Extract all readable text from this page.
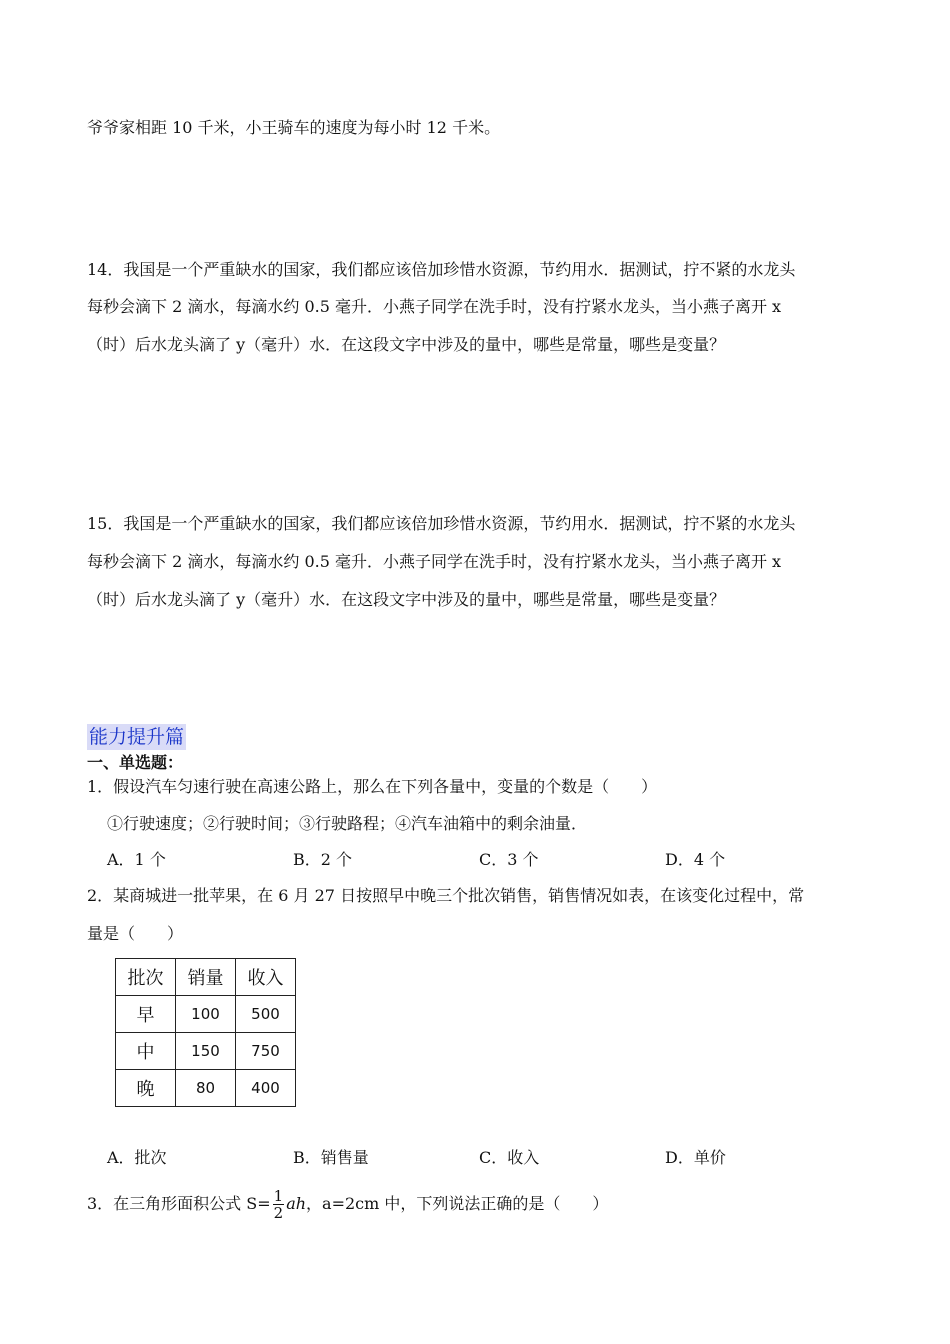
爷爷家相距 10 千米，小王骑车的速度为每小时 12 千米。
14．我国是一个严重缺水的国家，我们都应该倍加珍惜水资源，节约用水．据测试，拧不紧的水龙头
每秒会滴下 2 滴水，每滴水约 0.5 毫升．小燕子同学在洗手时，没有拧紧水龙头，当小燕子离开 x
（时）后水龙头滴了 y（毫升）水．在这段文字中涉及的量中，哪些是常量，哪些是变量？
15．我国是一个严重缺水的国家，我们都应该倍加珍惜水资源，节约用水．据测试，拧不紧的水龙头
每秒会滴下 2 滴水，每滴水约 0.5 毫升．小燕子同学在洗手时，没有拧紧水龙头，当小燕子离开 x
（时）后水龙头滴了 y（毫升）水．在这段文字中涉及的量中，哪些是常量，哪些是变量？
能力提升篇
一、单选题：
1．假设汽车匀速行驶在高速公路上，那么在下列各量中，变量的个数是（　　）
①行驶速度；②行驶时间；③行驶路程；④汽车油箱中的剩余油量．
A．1 个	B．2 个	C．3 个	D．4 个
2．某商城进一批苹果，在 6 月 27 日按照早中晚三个批次销售，销售情况如表，在该变化过程中，常
量是（　　）
批次	销量	收入
早	100	500
中	150	750
晚	80	400
A．批次	B．销售量	C．收入	D．单价
3．在三角形面积公式 $S= \frac{1}{2}$ ah，a=2cm 中，下列说法正确的是（　　）
